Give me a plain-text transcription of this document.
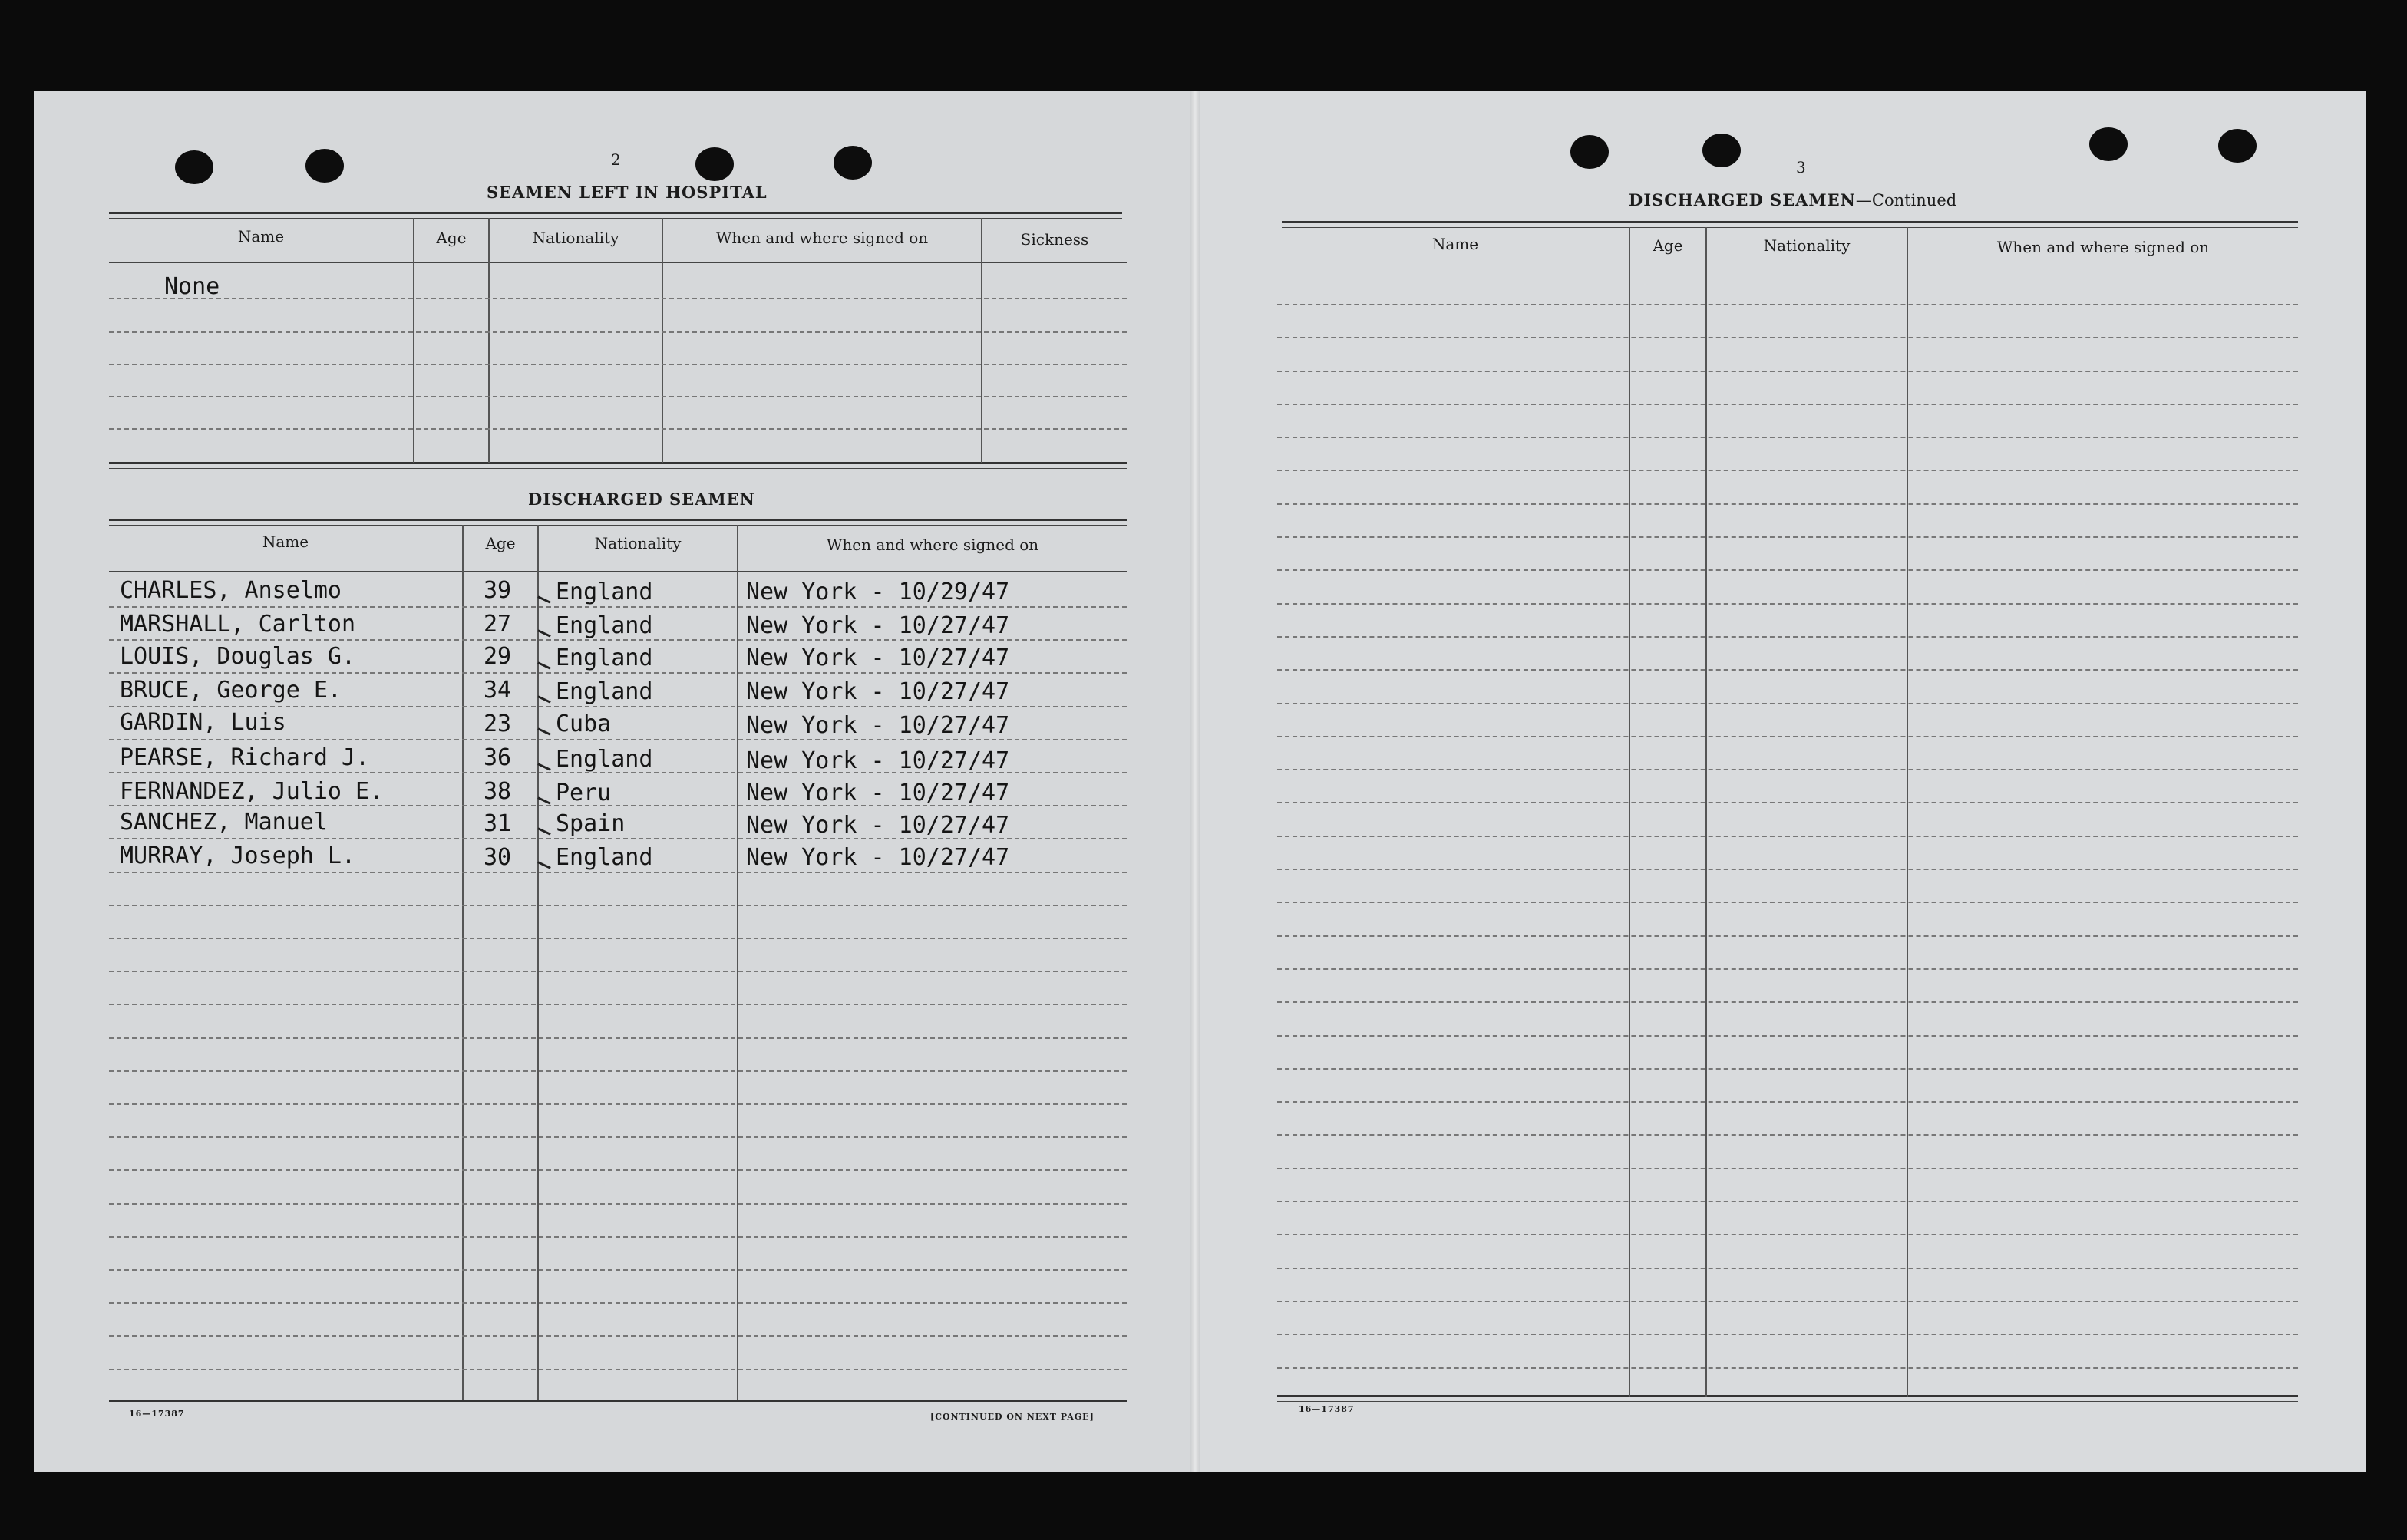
2
SEAMEN LEFT IN HOSPITAL
Name	Age	Nationality	When and where signed on	Sickness
None
DISCHARGED SEAMEN
Name	Age	Nationality	When and where signed on
CHARLES, Anselmo	39 England	New York - 10/29/47
MARSHALL, Carlton	27 England	New York - 10/27/47
LOUIS, Douglas G.	29 England	New York - 10/27/47
BRUCE, George E.	34 England	New York - 10/27/47
GARDIN, Luis	23 Cuba	New York - 10/27/47
PEARSE, Richard J.	36 England	New York - 10/27/47
FERNANDEZ, Julio E.	38 Peru	New York - 10/27/47
SANCHEZ, Manuel	31 Spain	New York - 10/27/47
MURRAY, Joseph L.	30 England	New York - 10/27/47
16—17387	[CONTINUED ON NEXT PAGE]
3
DISCHARGED SEAMEN—Continued
Name	Age	Nationality	When and where signed on
16—17387
